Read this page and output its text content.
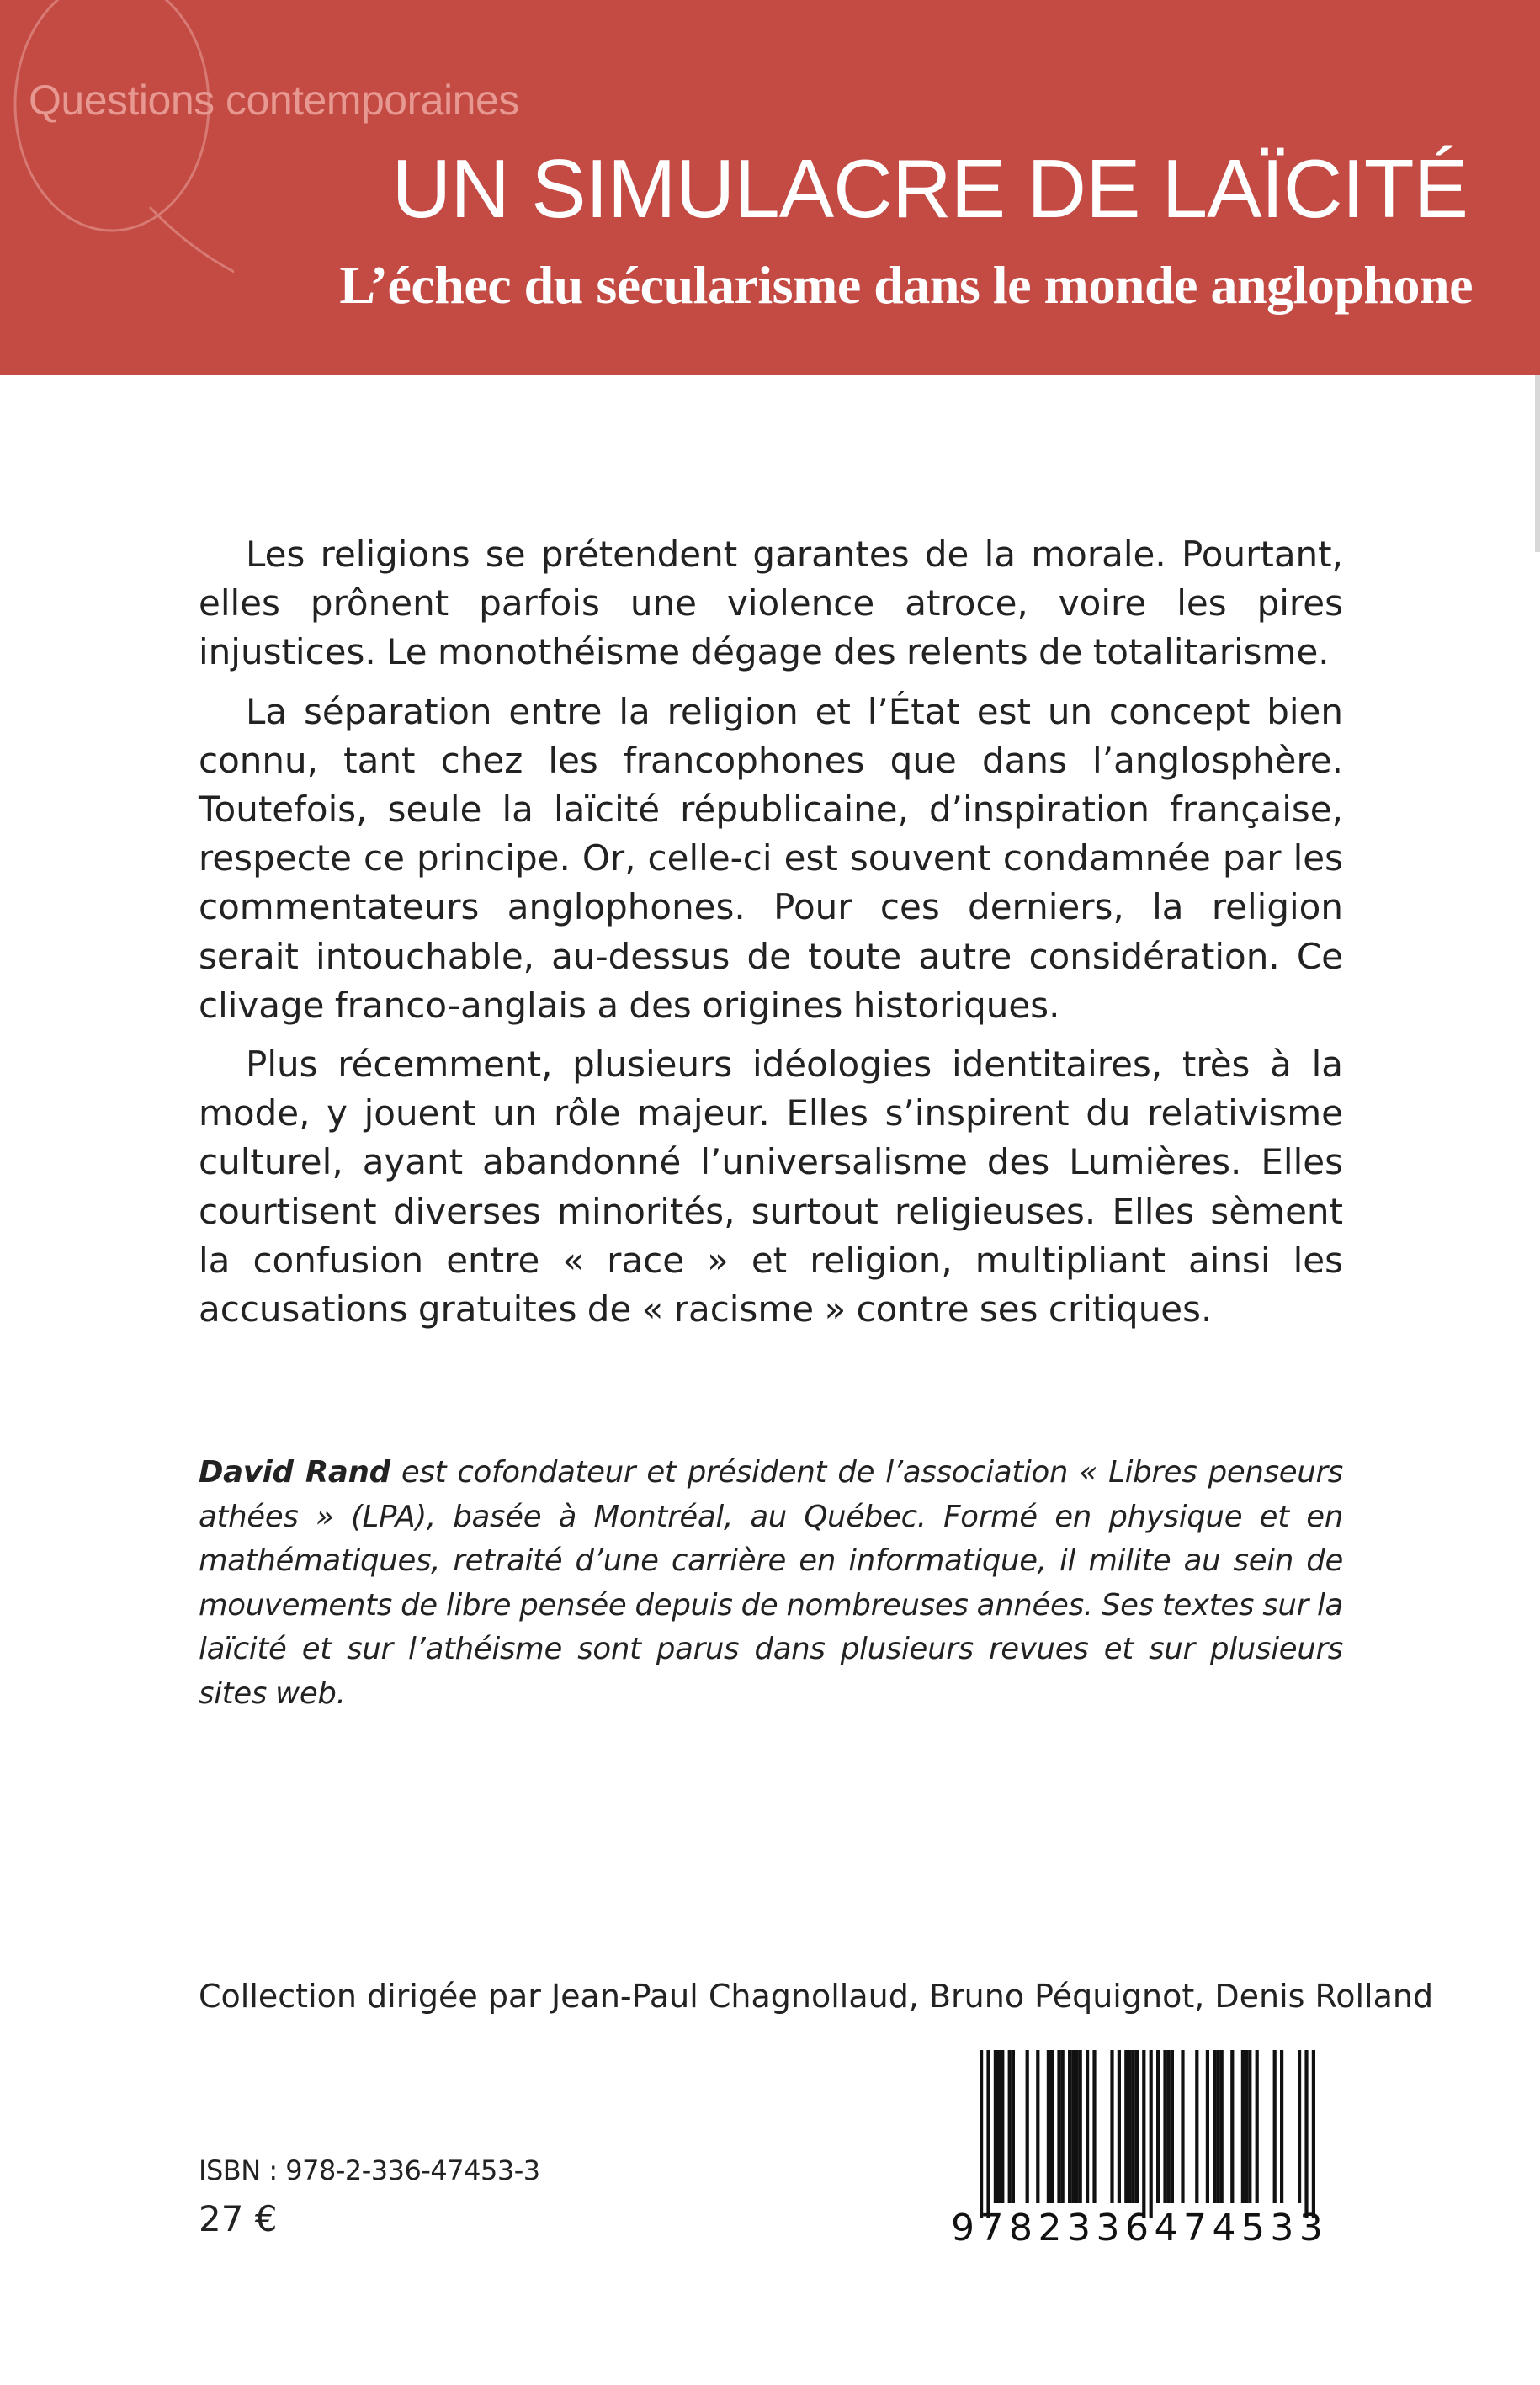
Questions contemporaines
UN SIMULACRE DE LAÏCITÉ
L’échec du sécularisme dans le monde anglophone

Les religions se prétendent garantes de la morale. Pourtant, elles prônent parfois une violence atroce, voire les pires injustices. Le monothéisme dégage des relents de totalitarisme.

La séparation entre la religion et l’État est un concept bien connu, tant chez les francophones que dans l’anglosphère. Toutefois, seule la laïcité républicaine, d’inspiration française, respecte ce principe. Or, celle-ci est souvent condamnée par les commentateurs anglophones. Pour ces derniers, la religion serait intouchable, au-dessus de toute autre considération. Ce clivage franco-anglais a des origines historiques.

Plus récemment, plusieurs idéologies identitaires, très à la mode, y jouent un rôle majeur. Elles s’inspirent du relativisme culturel, ayant abandonné l’universalisme des Lumières. Elles courtisent diverses minorités, surtout religieuses. Elles sèment la confusion entre « race » et religion, multipliant ainsi les accusations gratuites de « racisme » contre ses critiques.

David Rand est cofondateur et président de l’association « Libres penseurs athées » (LPA), basée à Montréal, au Québec. Formé en physique et en mathématiques, retraité d’une carrière en informatique, il milite au sein de mouvements de libre pensée depuis de nombreuses années. Ses textes sur la laïcité et sur l’athéisme sont parus dans plusieurs revues et sur plusieurs sites web.
Collection dirigée par Jean-Paul Chagnollaud, Bruno Péquignot, Denis Rolland
ISBN : 978-2-336-47453-3
27 €	9782336474533
